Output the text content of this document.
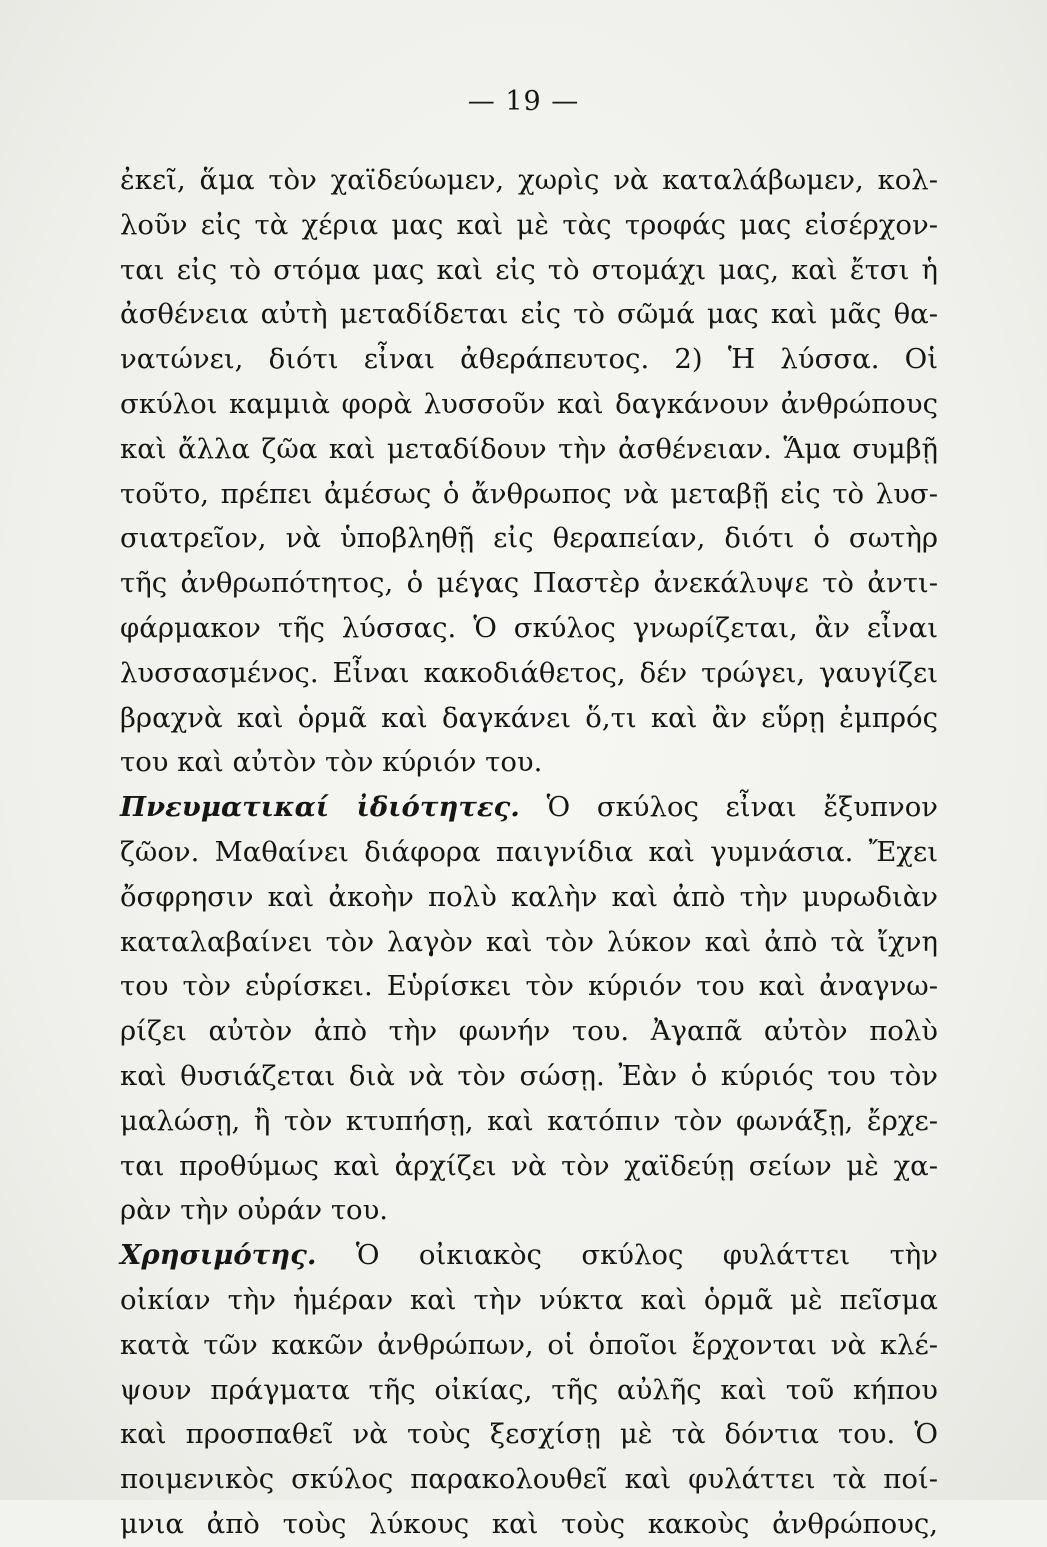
— 19 —
ἐκεῖ, ἅμα τὸν χαϊδεύωμεν, χωρὶς νὰ καταλάβωμεν, κολ-
λοῦν εἰς τὰ χέρια μας καὶ μὲ τὰς τροφάς μας εἰσέρχον-
ται εἰς τὸ στόμα μας καὶ εἰς τὸ στομάχι μας, καὶ ἔτσι ἡ
ἀσθένεια αὐτὴ μεταδίδεται εἰς τὸ σῶμά μας καὶ μᾶς θα-
νατώνει, διότι εἶναι ἀθεράπευτος. 2) Ἡ λύσσα. Οἱ
σκύλοι καμμιὰ φορὰ λυσσοῦν καὶ δαγκάνουν ἀνθρώπους
καὶ ἄλλα ζῶα καὶ μεταδίδουν τὴν ἀσθένειαν. Ἅμα συμβῇ
τοῦτο, πρέπει ἀμέσως ὁ ἄνθρωπος νὰ μεταβῇ εἰς τὸ λυσ-
σιατρεῖον, νὰ ὑποβληθῇ εἰς θεραπείαν, διότι ὁ σωτὴρ
τῆς ἀνθρωπότητος, ὁ μέγας Παστὲρ ἀνεκάλυψε τὸ ἀντι-
φάρμακον τῆς λύσσας. Ὁ σκύλος γνωρίζεται, ἂν εἶναι
λυσσασμένος. Εἶναι κακοδιάθετος, δέν τρώγει, γαυγίζει
βραχνὰ καὶ ὁρμᾶ καὶ δαγκάνει ὅ,τι καὶ ἂν εὕρῃ ἐμπρός
του καὶ αὐτὸν τὸν κύριόν του.
Πνευματικαί ἰδιότητες. Ὁ σκύλος εἶναι ἔξυπνον
ζῶον. Μαθαίνει διάφορα παιγνίδια καὶ γυμνάσια. Ἔχει
ὄσφρησιν καὶ ἀκοὴν πολὺ καλὴν καὶ ἀπὸ τὴν μυρωδιὰν
καταλαβαίνει τὸν λαγὸν καὶ τὸν λύκον καὶ ἀπὸ τὰ ἴχνη
του τὸν εὑρίσκει. Εὑρίσκει τὸν κύριόν του καὶ ἀναγνω-
ρίζει αὐτὸν ἀπὸ τὴν φωνήν του. Ἀγαπᾶ αὐτὸν πολὺ
καὶ θυσιάζεται διὰ νὰ τὸν σώσῃ. Ἐὰν ὁ κύριός του τὸν
μαλώσῃ, ἢ τὸν κτυπήσῃ, καὶ κατόπιν τὸν φωνάξῃ, ἔρχε-
ται προθύμως καὶ ἀρχίζει νὰ τὸν χαϊδεύῃ σείων μὲ χα-
ρὰν τὴν οὐράν του.
Χρησιμότης. Ὁ οἰκιακὸς σκύλος φυλάττει τὴν
οἰκίαν τὴν ἡμέραν καὶ τὴν νύκτα καὶ ὁρμᾶ μὲ πεῖσμα
κατὰ τῶν κακῶν ἀνθρώπων, οἱ ὁποῖοι ἔρχονται νὰ κλέ-
ψουν πράγματα τῆς οἰκίας, τῆς αὐλῆς καὶ τοῦ κήπου
καὶ προσπαθεῖ νὰ τοὺς ξεσχίσῃ μὲ τὰ δόντια του. Ὁ
ποιμενικὸς σκύλος παρακολουθεῖ καὶ φυλάττει τὰ ποί-
μνια ἀπὸ τοὺς λύκους καὶ τοὺς κακοὺς ἀνθρώπους,
